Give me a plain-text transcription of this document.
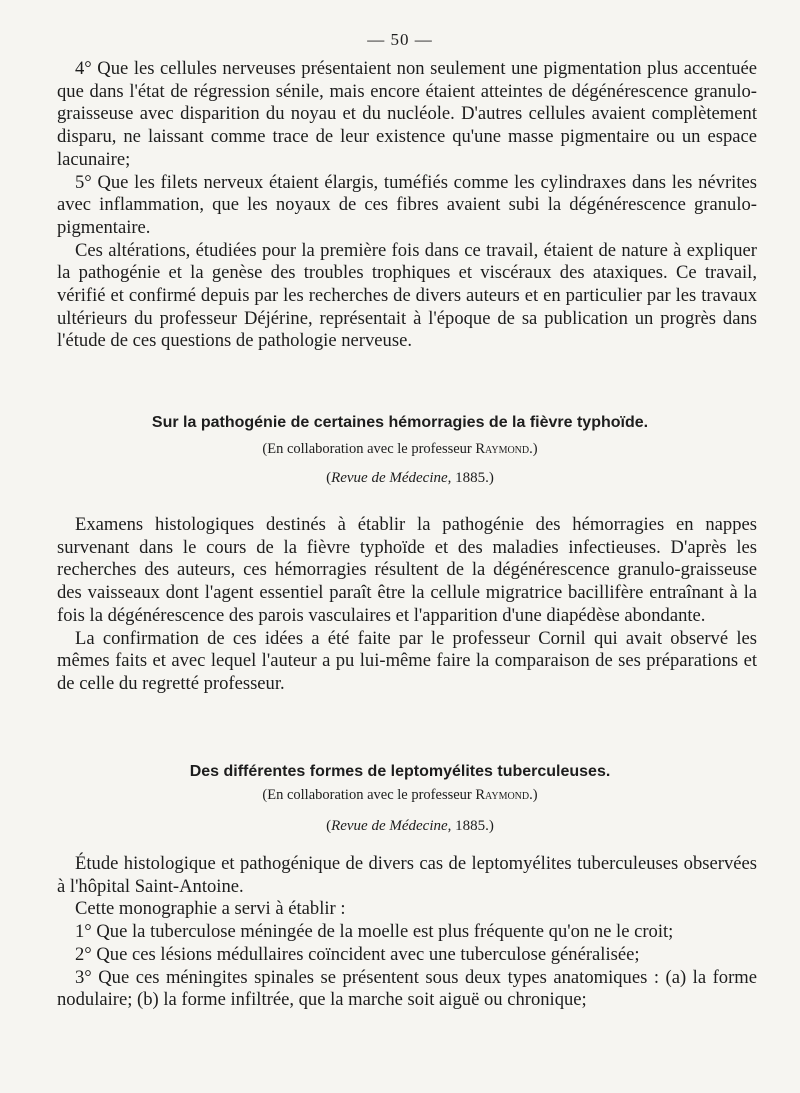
— 50 —

4° Que les cellules nerveuses présentaient non seulement une pigmentation plus accentuée que dans l'état de régression sénile, mais encore étaient atteintes de dégénérescence granulo-graisseuse avec disparition du noyau et du nucléole. D'autres cellules avaient complètement disparu, ne laissant comme trace de leur existence qu'une masse pigmentaire ou un espace lacunaire;

5° Que les filets nerveux étaient élargis, tuméfiés comme les cylindraxes dans les névrites avec inflammation, que les noyaux de ces fibres avaient subi la dégénérescence granulo-pigmentaire.

Ces altérations, étudiées pour la première fois dans ce travail, étaient de nature à expliquer la pathogénie et la genèse des troubles trophiques et viscéraux des ataxiques. Ce travail, vérifié et confirmé depuis par les recherches de divers auteurs et en particulier par les travaux ultérieurs du professeur Déjérine, représentait à l'époque de sa publication un progrès dans l'étude de ces questions de pathologie nerveuse.

Sur la pathogénie de certaines hémorragies de la fièvre typhoïde.
(En collaboration avec le professeur Raymond.)
(Revue de Médecine, 1885.)

Examens histologiques destinés à établir la pathogénie des hémorragies en nappes survenant dans le cours de la fièvre typhoïde et des maladies infectieuses. D'après les recherches des auteurs, ces hémorragies résultent de la dégénérescence granulo-graisseuse des vaisseaux dont l'agent essentiel paraît être la cellule migratrice bacillifère entraînant à la fois la dégénérescence des parois vasculaires et l'apparition d'une diapédèse abondante.

La confirmation de ces idées a été faite par le professeur Cornil qui avait observé les mêmes faits et avec lequel l'auteur a pu lui-même faire la comparaison de ses préparations et de celle du regretté professeur.

Des différentes formes de leptomyélites tuberculeuses.
(En collaboration avec le professeur Raymond.)
(Revue de Médecine, 1885.)

Étude histologique et pathogénique de divers cas de leptomyélites tuberculeuses observées à l'hôpital Saint-Antoine.

Cette monographie a servi à établir :

1° Que la tuberculose méningée de la moelle est plus fréquente qu'on ne le croit;

2° Que ces lésions médullaires coïncident avec une tuberculose généralisée;

3° Que ces méningites spinales se présentent sous deux types anatomiques : (a) la forme nodulaire; (b) la forme infiltrée, que la marche soit aiguë ou chronique;
